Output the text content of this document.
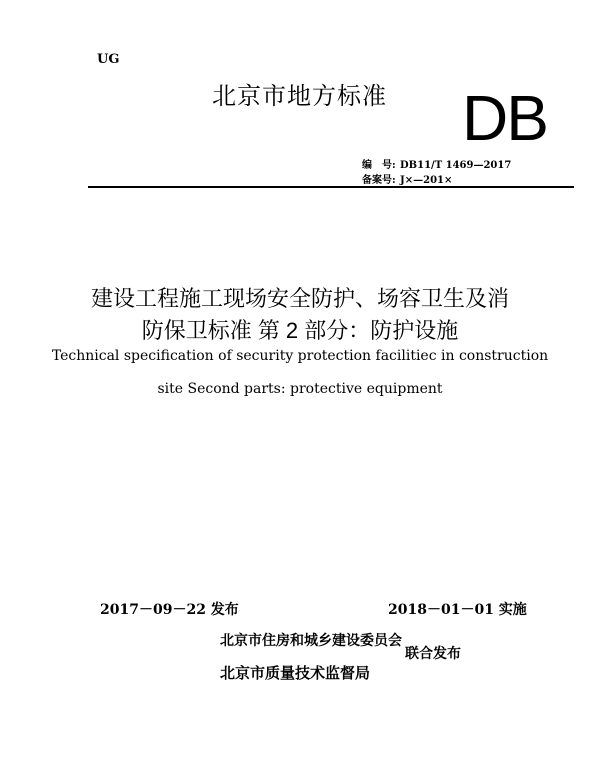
UG
北京市地方标准 DB
编　号: DB11/T 1469—2017
备案号: J×—201×
建设工程施工现场安全防护、场容卫生及消
防保卫标准 第 2 部分：防护设施
Technical specification of security protection facilitiec in construction
site Second parts: protective equipment
2017－09－22 发布	2018－01－01 实施
北京市住房和城乡建设委员会
北京市质量技术监督局
联合发布
